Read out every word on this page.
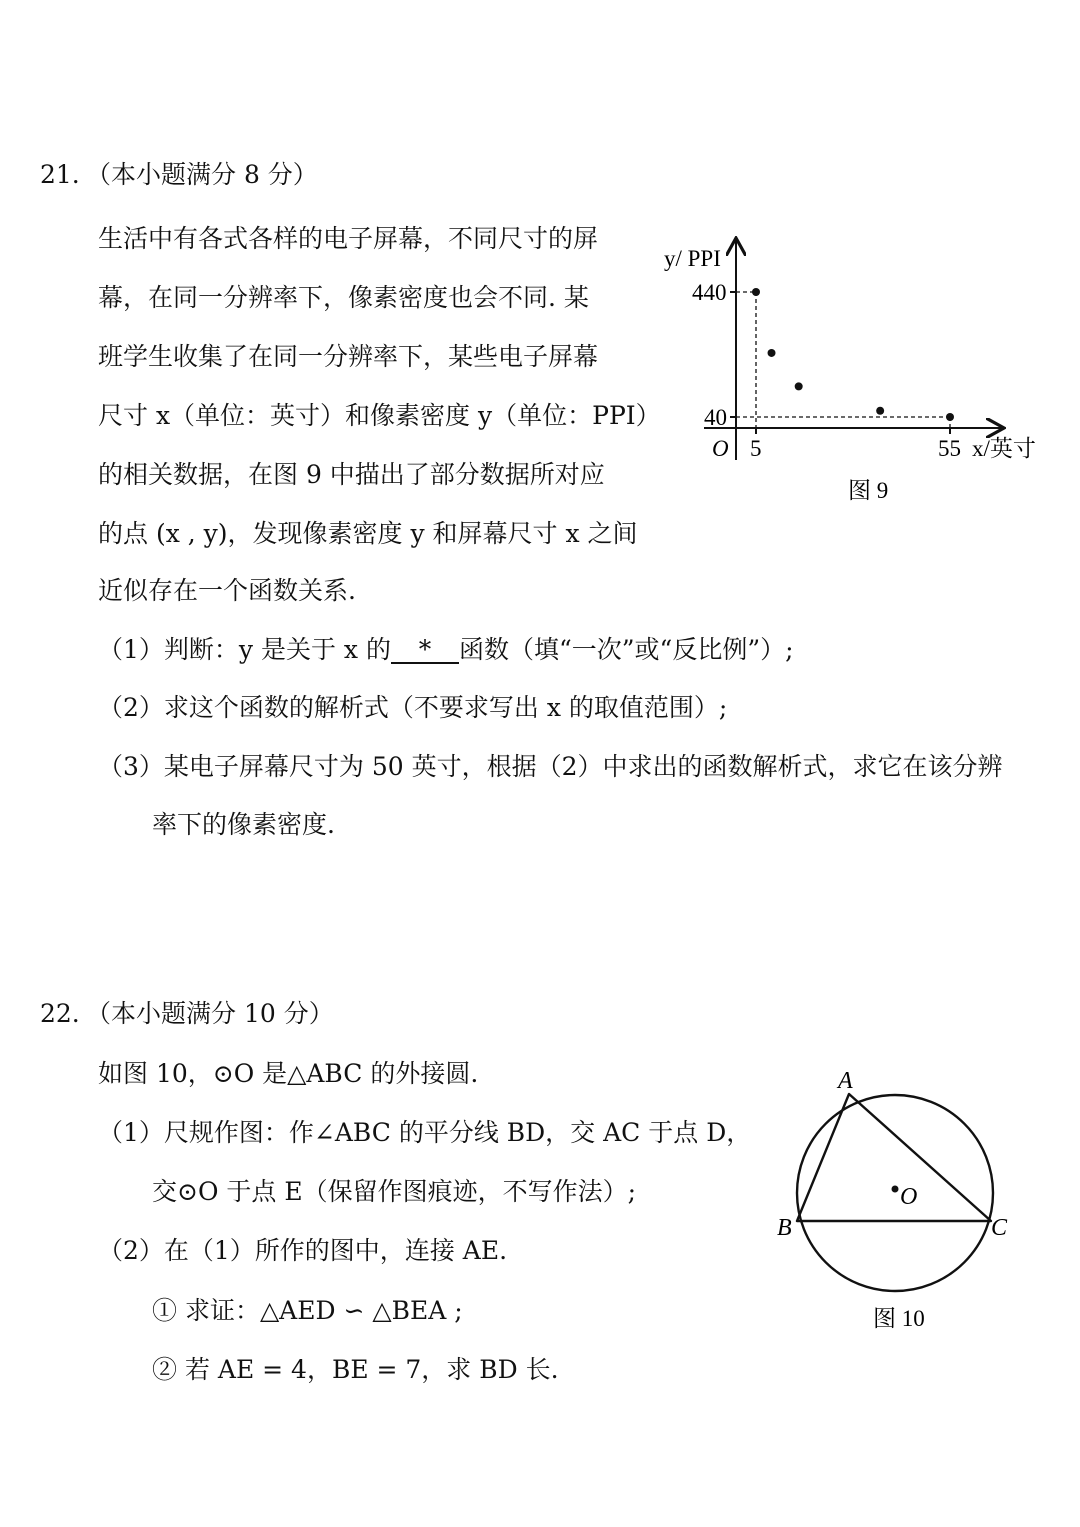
21. （本小题满分 8 分）
生活中有各式各样的电子屏幕，不同尺寸的屏
幕，在同一分辨率下，像素密度也会不同. 某
班学生收集了在同一分辨率下，某些电子屏幕
尺寸 x（单位：英寸）和像素密度 y（单位：PPI）
的相关数据，在图 9 中描出了部分数据所对应
的点 (x , y)，发现像素密度 y 和屏幕尺寸 x 之间
近似存在一个函数关系.
（1）判断：y 是关于 x 的 * 函数（填“一次”或“反比例”）;
（2）求这个函数的解析式（不要求写出 x 的取值范围）;
（3）某电子屏幕尺寸为 50 英寸，根据（2）中求出的函数解析式，求它在该分辨
率下的像素密度.
y/ PPI
x/英寸
O
440
40
5	55
图 9
22. （本小题满分 10 分）
如图 10，⊙O 是△ABC 的外接圆.
（1）尺规作图：作∠ABC 的平分线 BD，交 AC 于点 D，
交⊙O 于点 E（保留作图痕迹，不写作法）;
（2）在（1）所作的图中，连接 AE.
① 求证：△AED ∽ △BEA ;
② 若 AE = 4，BE = 7，求 BD 长.
A
B	C
O
图 10
